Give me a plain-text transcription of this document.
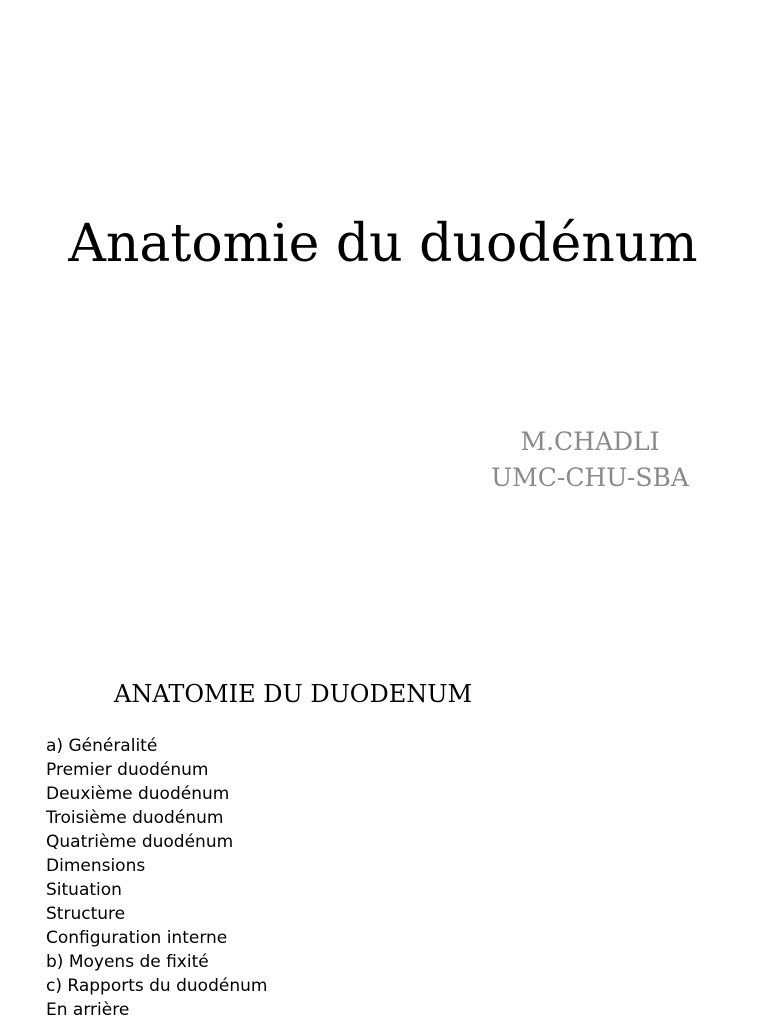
Anatomie du duodénum
M.CHADLI
UMC-CHU-SBA
ANATOMIE DU DUODENUM
a) Généralité
Premier duodénum
Deuxième duodénum
Troisième duodénum
Quatrième duodénum
Dimensions
Situation
Structure
Configuration interne
b) Moyens de fixité
c) Rapports du duodénum
En arrière
